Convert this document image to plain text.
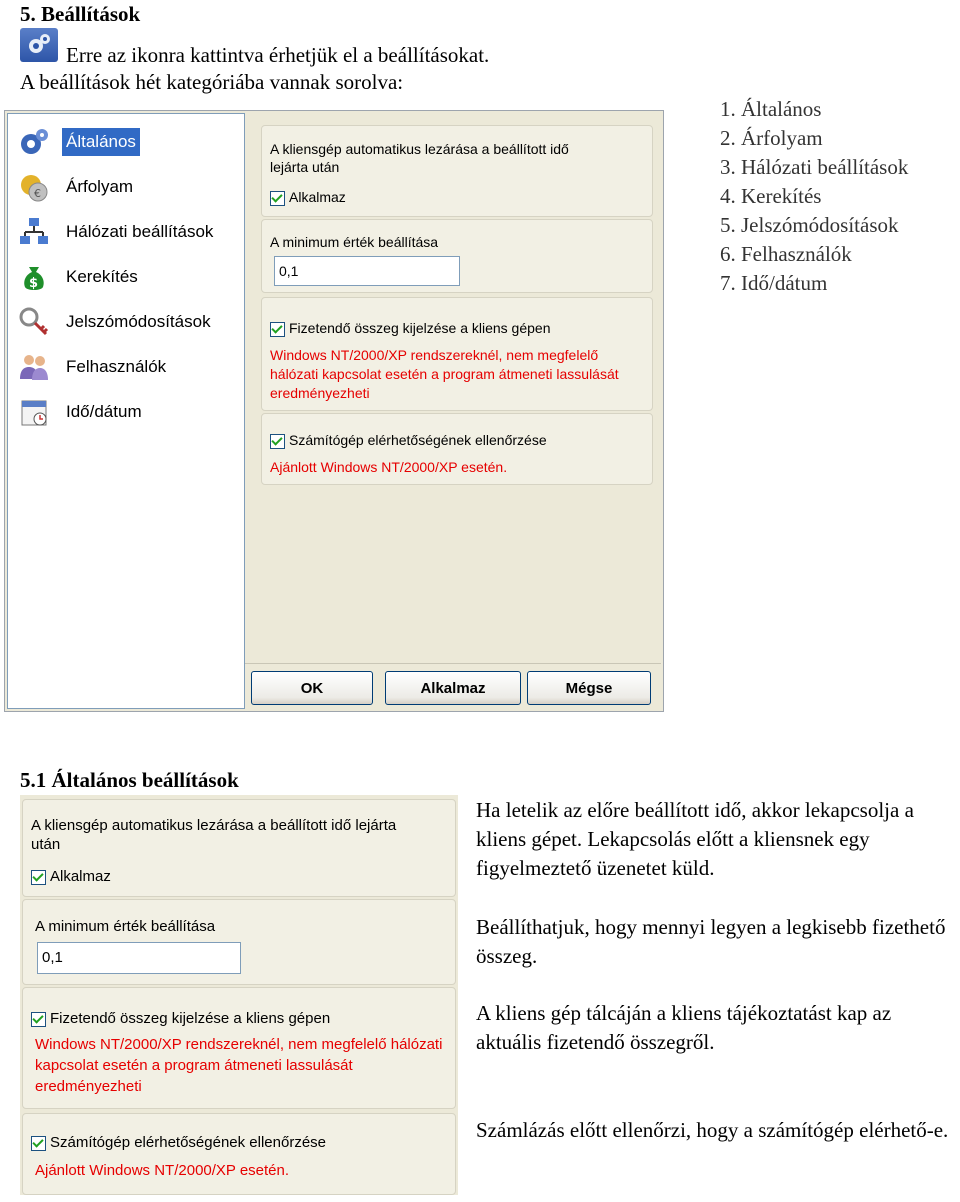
5. Beállítások
Erre az ikonra kattintva érhetjük el a beállításokat.
A beállítások hét kategóriába vannak sorolva:
Általános
€ Árfolyam
Hálózati beállítások
$ Kerekítés
Jelszómódosítások
Felhasználók
Idő/dátum
A kliensgép automatikus lezárása a beállított idő lejárta után
Alkalmaz
A minimum érték beállítása
0,1
Fizetendő összeg kijelzése a kliens gépen
Windows NT/2000/XP rendszereknél, nem megfelelő hálózati kapcsolat esetén a program átmeneti lassulását eredményezheti
Számítógép elérhetőségének ellenőrzése
Ajánlott Windows NT/2000/XP esetén.
OK	Alkalmaz	Mégse
1. Általános
2. Árfolyam
3. Hálózati beállítások
4. Kerekítés
5. Jelszómódosítások
6. Felhasználók
7. Idő/dátum
5.1 Általános beállítások
A kliensgép automatikus lezárása a beállított idő lejárta után
Alkalmaz
A minimum érték beállítása
0,1
Fizetendő összeg kijelzése a kliens gépen
Windows NT/2000/XP rendszereknél, nem megfelelő hálózati kapcsolat esetén a program átmeneti lassulását eredményezheti
Számítógép elérhetőségének ellenőrzése
Ajánlott Windows NT/2000/XP esetén.
Ha letelik az előre beállított idő, akkor lekapcsolja a kliens gépet. Lekapcsolás előtt a kliensnek egy figyelmeztető üzenetet küld.
Beállíthatjuk, hogy mennyi legyen a legkisebb fizethető összeg.
A kliens gép tálcáján a kliens tájékoztatást kap az aktuális fizetendő összegről.
Számlázás előtt ellenőrzi, hogy a számítógép elérhető-e.
